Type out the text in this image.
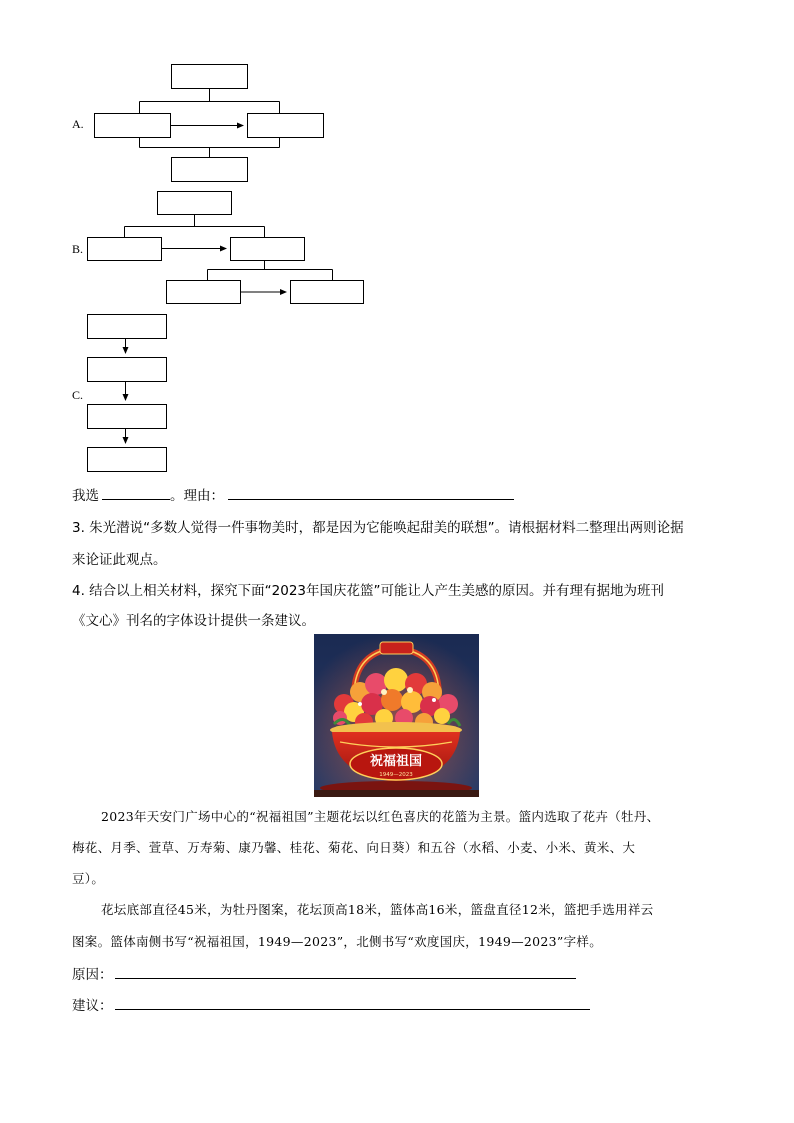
A.
B.
C.
我选	。理由：
3. 朱光潜说“多数人觉得一件事物美时，都是因为它能唤起甜美的联想”。请根据材料二整理出两则论据
来论证此观点。
4. 结合以上相关材料，探究下面“2023年国庆花篮”可能让人产生美感的原因。并有理有据地为班刊
《文心》刊名的字体设计提供一条建议。
祝福祖国
1949—2023
2023年天安门广场中心的“祝福祖国”主题花坛以红色喜庆的花篮为主景。篮内选取了花卉（牡丹、
梅花、月季、萱草、万寿菊、康乃馨、桂花、菊花、向日葵）和五谷（水稻、小麦、小米、黄米、大
豆）。
花坛底部直径45米，为牡丹图案，花坛顶高18米，篮体高16米，篮盘直径12米，篮把手选用祥云
图案。篮体南侧书写“祝福祖国，1949—2023”，北侧书写“欢度国庆，1949—2023”字样。
原因：
建议：
